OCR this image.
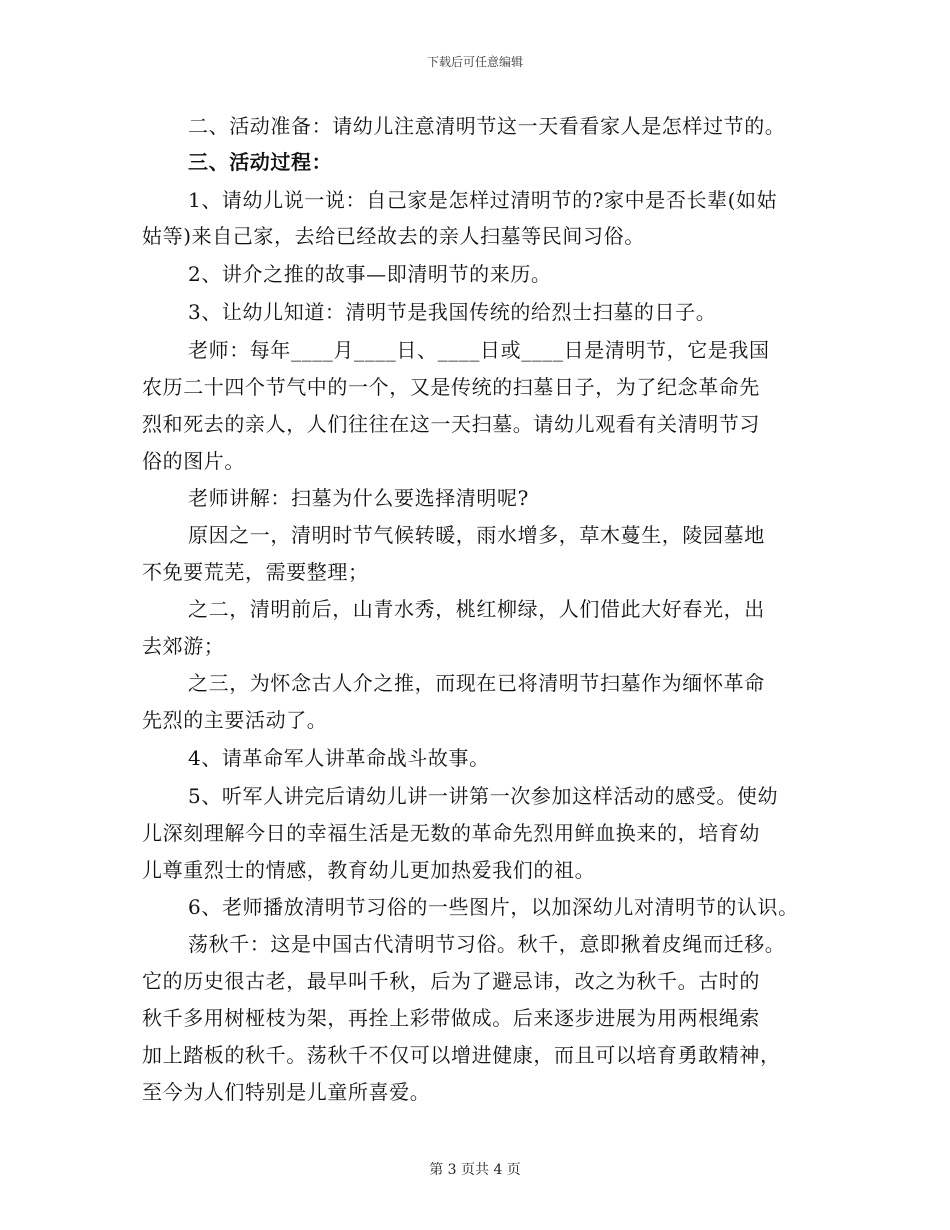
下载后可任意编辑
二、活动准备：请幼儿注意清明节这一天看看家人是怎样过节的。
三、活动过程：
1、请幼儿说一说：自己家是怎样过清明节的?家中是否长辈(如姑
姑等)来自己家，去给已经故去的亲人扫墓等民间习俗。
2、讲介之推的故事—即清明节的来历。
3、让幼儿知道：清明节是我国传统的给烈士扫墓的日子。
老师：每年____月____日、____日或____日是清明节，它是我国
农历二十四个节气中的一个，又是传统的扫墓日子，为了纪念革命先
烈和死去的亲人，人们往往在这一天扫墓。请幼儿观看有关清明节习
俗的图片。
老师讲解：扫墓为什么要选择清明呢?
原因之一，清明时节气候转暖，雨水增多，草木蔓生，陵园墓地
不免要荒芜，需要整理；
之二，清明前后，山青水秀，桃红柳绿，人们借此大好春光，出
去郊游；
之三，为怀念古人介之推，而现在已将清明节扫墓作为缅怀革命
先烈的主要活动了。
4、请革命军人讲革命战斗故事。
5、听军人讲完后请幼儿讲一讲第一次参加这样活动的感受。使幼
儿深刻理解今日的幸福生活是无数的革命先烈用鲜血换来的，培育幼
儿尊重烈士的情感，教育幼儿更加热爱我们的祖。
6、老师播放清明节习俗的一些图片，以加深幼儿对清明节的认识。
荡秋千：这是中国古代清明节习俗。秋千，意即揪着皮绳而迁移。
它的历史很古老，最早叫千秋，后为了避忌讳，改之为秋千。古时的
秋千多用树桠枝为架，再拴上彩带做成。后来逐步进展为用两根绳索
加上踏板的秋千。荡秋千不仅可以增进健康，而且可以培育勇敢精神，
至今为人们特别是儿童所喜爱。
第 3 页共 4 页
